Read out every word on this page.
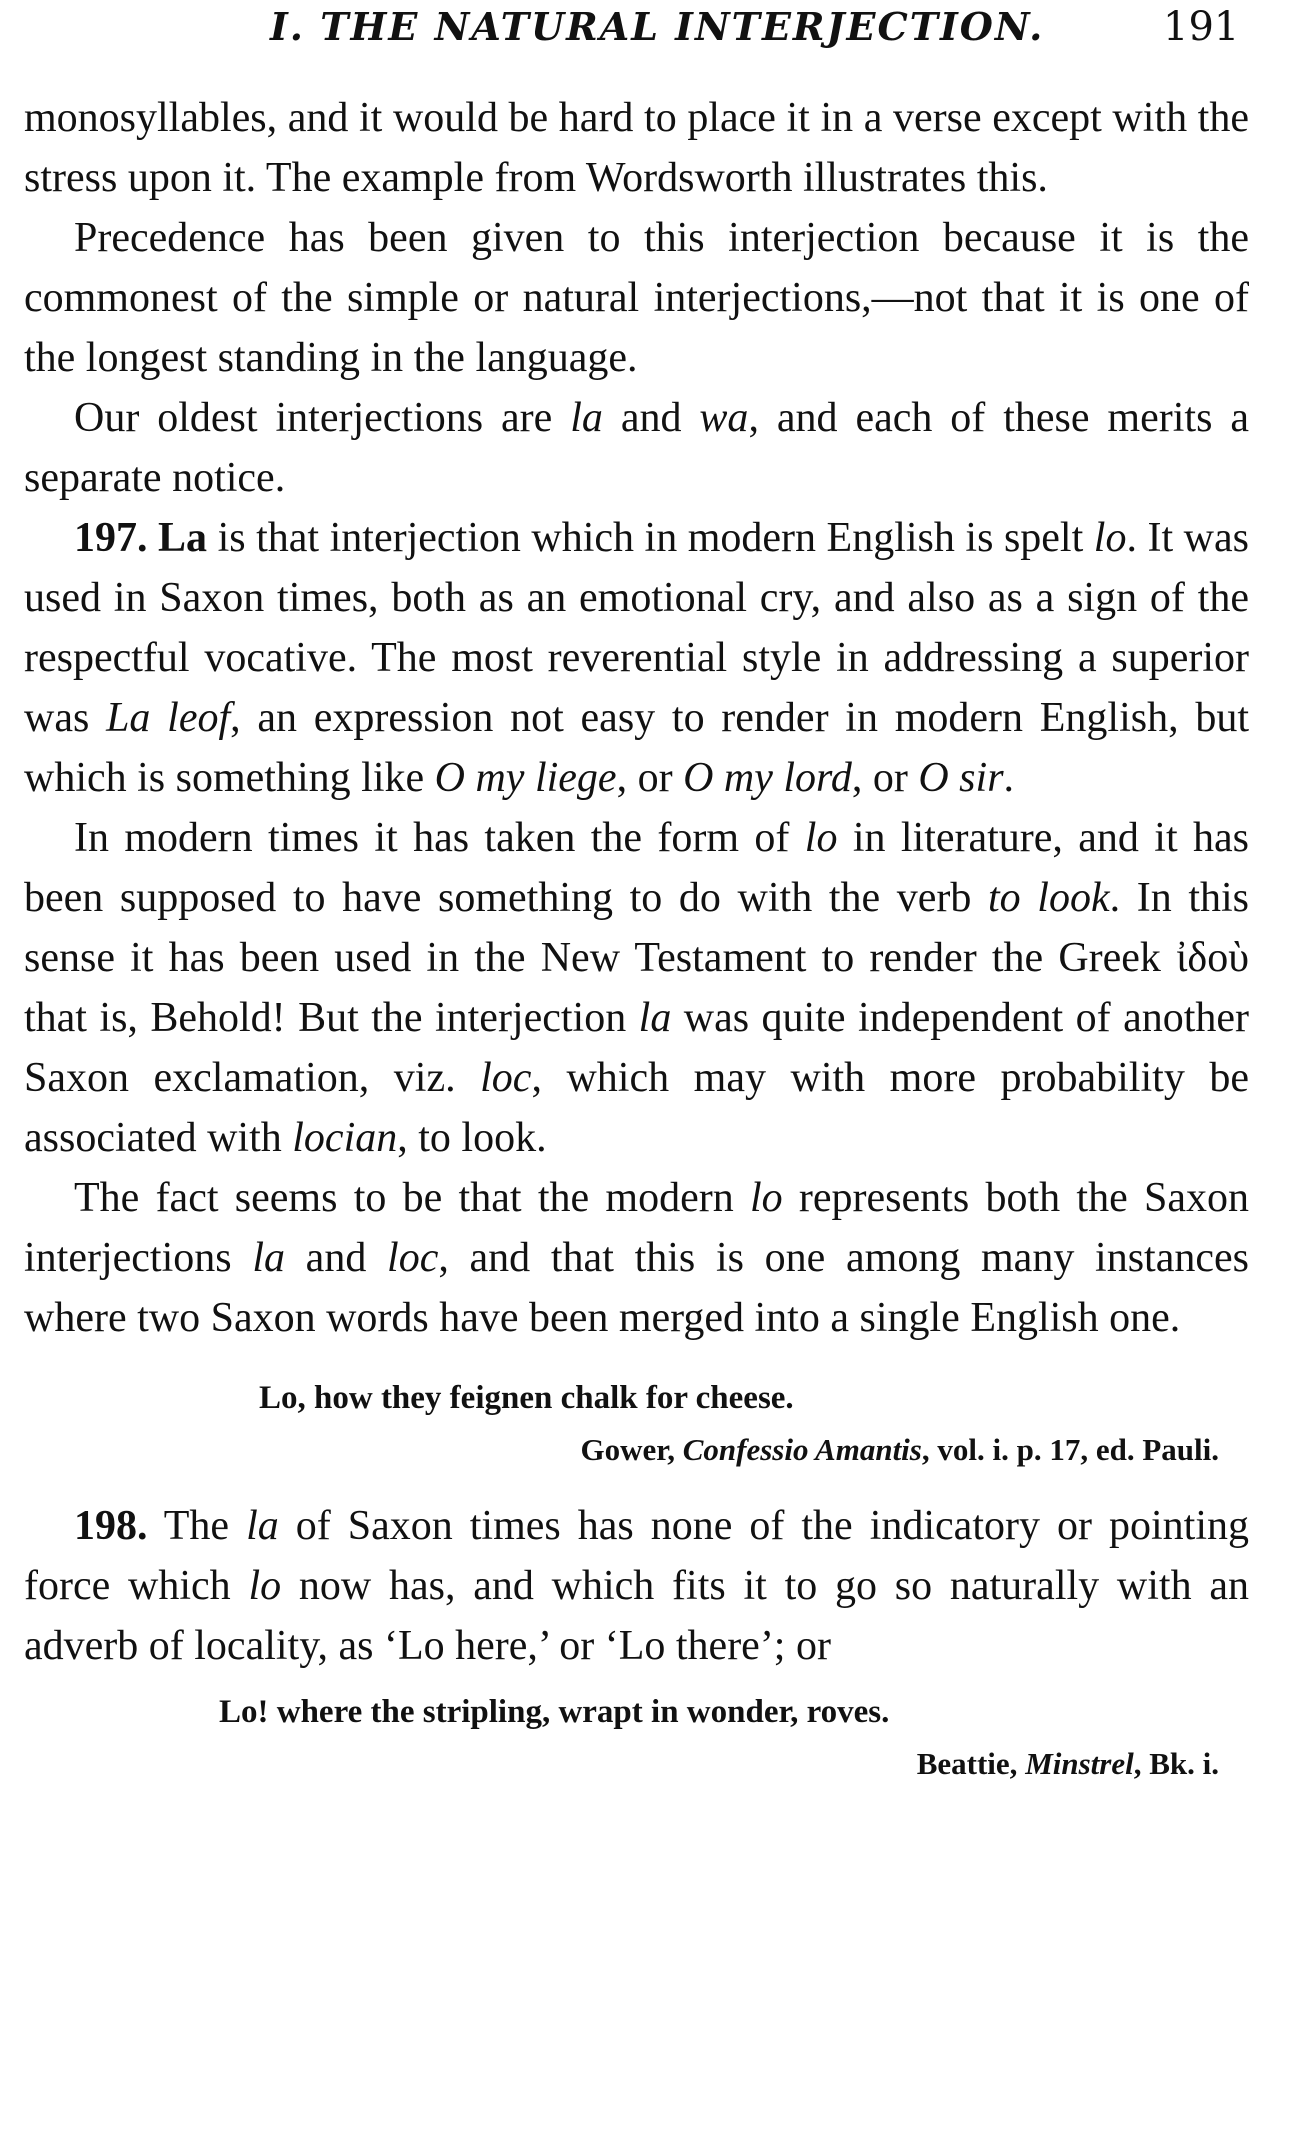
I. THE NATURAL INTERJECTION.	191

monosyllables, and it would be hard to place it in a verse except with the stress upon it. The example from Wordsworth illustrates this.

Precedence has been given to this interjection because it is the commonest of the simple or natural interjections,—not that it is one of the longest standing in the language.

Our oldest interjections are la and wa, and each of these merits a separate notice.

197. La is that interjection which in modern English is spelt lo. It was used in Saxon times, both as an emotional cry, and also as a sign of the respectful vocative. The most reverential style in addressing a superior was La leof, an expression not easy to render in modern English, but which is something like O my liege, or O my lord, or O sir.

In modern times it has taken the form of lo in literature, and it has been supposed to have something to do with the verb to look. In this sense it has been used in the New Testament to render the Greek ἰδοὺ that is, Behold! But the interjection la was quite independent of another Saxon exclamation, viz. loc, which may with more probability be associated with locian, to look.

The fact seems to be that the modern lo represents both the Saxon interjections la and loc, and that this is one among many instances where two Saxon words have been merged into a single English one.

Lo, how they feignen chalk for cheese.

Gower, Confessio Amantis, vol. i. p. 17, ed. Pauli.

198. The la of Saxon times has none of the indicatory or pointing force which lo now has, and which fits it to go so naturally with an adverb of locality, as ‘Lo here,’ or ‘Lo there’; or

Lo! where the stripling, wrapt in wonder, roves.

Beattie, Minstrel, Bk. i.
